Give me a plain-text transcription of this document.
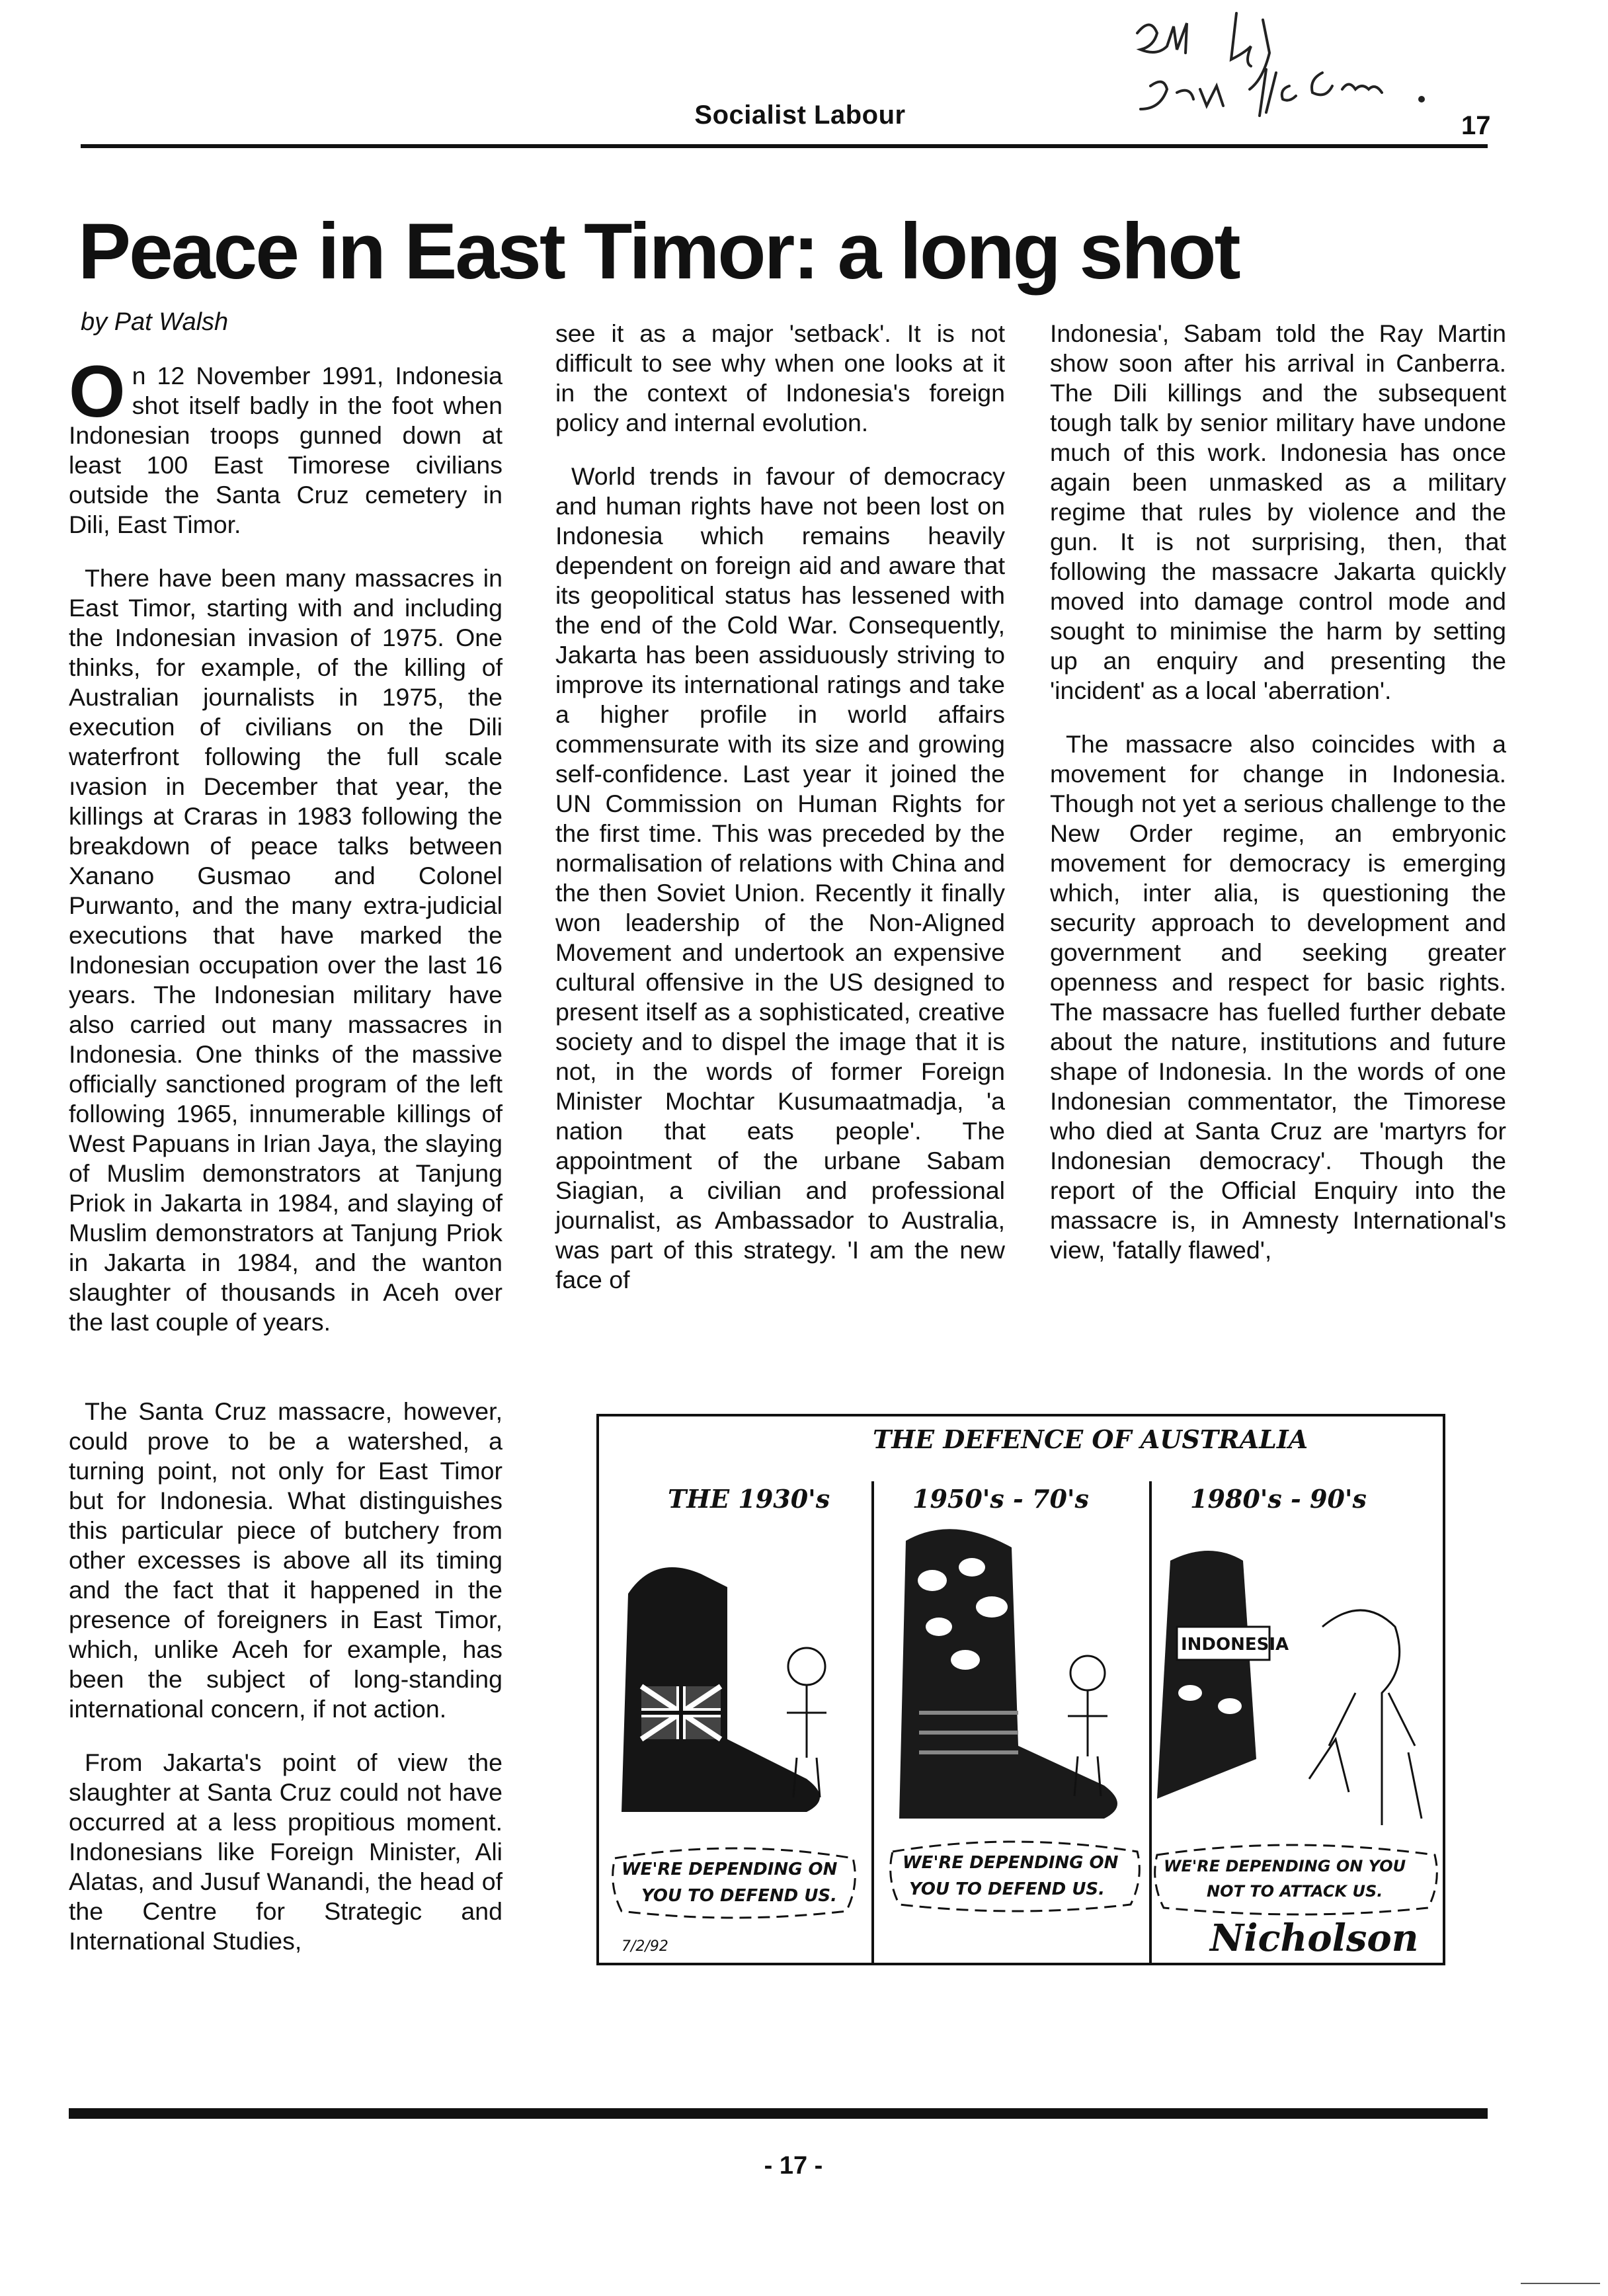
Socialist Labour	17
Peace in East Timor: a long shot
by Pat Walsh

On 12 November 1991, Indonesia shot itself badly in the foot when Indonesian troops gunned down at least 100 East Timorese civilians outside the Santa Cruz cemetery in Dili, East Timor.

There have been many massacres in East Timor, starting with and including the Indonesian invasion of 1975. One thinks, for example, of the killing of Australian journalists in 1975, the execution of civilians on the Dili waterfront following the full scale ıvasion in December that year, the killings at Craras in 1983 following the breakdown of peace talks between Xanano Gusmao and Colonel Purwanto, and the many extra-judicial executions that have marked the Indonesian occupation over the last 16 years. The Indonesian military have also carried out many massacres in Indonesia. One thinks of the massive officially sanctioned program of the left following 1965, innumerable killings of West Papuans in Irian Jaya, the slaying of Muslim demonstrators at Tanjung Priok in Jakarta in 1984, and slaying of Muslim demonstrators at Tanjung Priok in Jakarta in 1984, and the wanton slaughter of thousands in Aceh over the last couple of years.

The Santa Cruz massacre, however, could prove to be a watershed, a turning point, not only for East Timor but for Indonesia. What distinguishes this particular piece of butchery from other excesses is above all its timing and the fact that it happened in the presence of foreigners in East Timor, which, unlike Aceh for example, has been the subject of long-standing international concern, if not action.

From Jakarta's point of view the slaughter at Santa Cruz could not have occurred at a less propitious moment. Indonesians like Foreign Minister, Ali Alatas, and Jusuf Wanandi, the head of the Centre for Strategic and International Studies,

see it as a major 'setback'. It is not difficult to see why when one looks at it in the context of Indonesia's foreign policy and internal evolution.

World trends in favour of democracy and human rights have not been lost on Indonesia which remains heavily dependent on foreign aid and aware that its geopolitical status has lessened with the end of the Cold War. Consequently, Jakarta has been assiduously striving to improve its international ratings and take a higher profile in world affairs commensurate with its size and growing self-confidence. Last year it joined the UN Commission on Human Rights for the first time. This was preceded by the normalisation of relations with China and the then Soviet Union. Recently it finally won leadership of the Non-Aligned Movement and undertook an expensive cultural offensive in the US designed to present itself as a sophisticated, creative society and to dispel the image that it is not, in the words of former Foreign Minister Mochtar Kusumaatmadja, 'a nation that eats people'. The appointment of the urbane Sabam Siagian, a civilian and professional journalist, as Ambassador to Australia, was part of this strategy. 'I am the new face of

Indonesia', Sabam told the Ray Martin show soon after his arrival in Canberra. The Dili killings and the subsequent tough talk by senior military have undone much of this work. Indonesia has once again been unmasked as a military regime that rules by violence and the gun. It is not surprising, then, that following the massacre Jakarta quickly moved into damage control mode and sought to minimise the harm by setting up an enquiry and presenting the 'incident' as a local 'aberration'.

The massacre also coincides with a movement for change in Indonesia. Though not yet a serious challenge to the New Order regime, an embryonic movement for democracy is emerging which, inter alia, is questioning the security approach to development and government and seeking greater openness and respect for basic rights. The massacre has fuelled further debate about the nature, institutions and future shape of Indonesia. In the words of one Indonesian commentator, the Timorese who died at Santa Cruz are 'martyrs for Indonesian democracy'. Though the report of the Official Enquiry into the massacre is, in Amnesty International's view, 'fatally flawed',

THE DEFENCE OF AUSTRALIA
THE 1930's	1950's - 70's	1980's - 90's
INDONESIA
WE'RE DEPENDING ON
YOU TO DEFEND US.
WE'RE DEPENDING ON
YOU TO DEFEND US.
WE'RE DEPENDING ON YOU
NOT TO ATTACK US.
7/2/92	Nicholson
- 17 -
